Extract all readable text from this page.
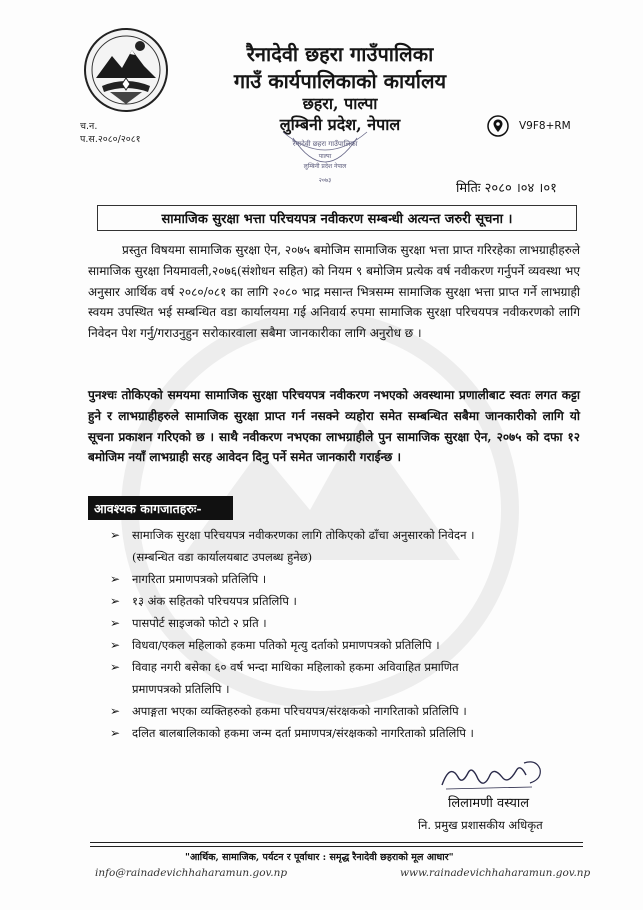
रैनादेवी छहरा गाउँपालिका
गाउँ कार्यपालिकाको कार्यालय
छहरा, पाल्पा
लुम्बिनी प्रदेश, नेपाल
च.न.
प.स.२०८०/२०८१
V9F8+RM
रैनादेवी छहरा गाउँपालिका
पाल्पा
लुम्बिनी प्रदेश नेपाल
२०७३
मितिः २०८० ।०४ ।०१
सामाजिक सुरक्षा भत्ता परिचयपत्र नवीकरण सम्बन्धी अत्यन्त जरुरी सूचना ।

प्रस्तुत विषयमा सामाजिक सुरक्षा ऐन, २०७५ बमोजिम सामाजिक सुरक्षा भत्ता प्राप्त गरिरहेका लाभग्राहीहरुले सामाजिक सुरक्षा नियमावली,२०७६(संशोधन सहित) को नियम ९ बमोजिम प्रत्येक वर्ष नवीकरण गर्नुपर्ने व्यवस्था भए अनुसार आर्थिक वर्ष २०८०/०८१ का लागि २०८० भाद्र मसान्त भित्रसम्म सामाजिक सुरक्षा भत्ता प्राप्त गर्ने लाभग्राही स्वयम उपस्थित भई सम्बन्धित वडा कार्यालयमा गई अनिवार्य रुपमा सामाजिक सुरक्षा परिचयपत्र नवीकरणको लागि निवेदन पेश गर्नु/गराउनुहुन सरोकारवाला सबैमा जानकारीका लागि अनुरोध छ ।

पुनश्चः तोकिएको समयमा सामाजिक सुरक्षा परिचयपत्र नवीकरण नभएको अवस्थामा प्रणालीबाट स्वतः लगत कट्टा हुने र लाभग्राहीहरुले सामाजिक सुरक्षा प्राप्त गर्न नसक्ने व्यहोरा समेत सम्बन्धित सबैमा जानकारीको लागि यो सूचना प्रकाशन गरिएको छ । साथै नवीकरण नभएका लाभग्राहीले पुन सामाजिक सुरक्षा ऐन, २०७५ को दफा १२ बमोजिम नयाँ लाभग्राही सरह आवेदन दिनु पर्ने समेत जानकारी गराईन्छ ।

आवश्यक कागजातहरुः-
➢ सामाजिक सुरक्षा परिचयपत्र नवीकरणका लागि तोकिएको ढाँचा अनुसारको निवेदन ।
(सम्बन्धित वडा कार्यालयबाट उपलब्ध हुनेछ)
➢ नागरिता प्रमाणपत्रको प्रतिलिपि ।
➢ १३ अंक सहितको परिचयपत्र प्रतिलिपि ।
➢ पासपोर्ट साइजको फोटो २ प्रति ।
➢ विधवा/एकल महिलाको हकमा पतिको मृत्यु दर्ताको प्रमाणपत्रको प्रतिलिपि ।
➢ विवाह नगरी बसेका ६० वर्ष भन्दा माथिका महिलाको हकमा अविवाहित प्रमाणित
प्रमाणपत्रको प्रतिलिपि ।
➢ अपाङ्गता भएका व्यक्तिहरुको हकमा परिचयपत्र/संरक्षकको नागरिताको प्रतिलिपि ।
➢ दलित बालबालिकाको हकमा जन्म दर्ता प्रमाणपत्र/संरक्षकको नागरिताको प्रतिलिपि ।
लिलामणी वस्याल
नि. प्रमुख प्रशासकीय अधिकृत
"आर्थिक, सामाजिक, पर्यटन र पूर्वाधार : समृद्ध रैनादेवी छहराको मूल आधार"
info@rainadevichhaharamun.gov.np	www.rainadevichhaharamun.gov.np
